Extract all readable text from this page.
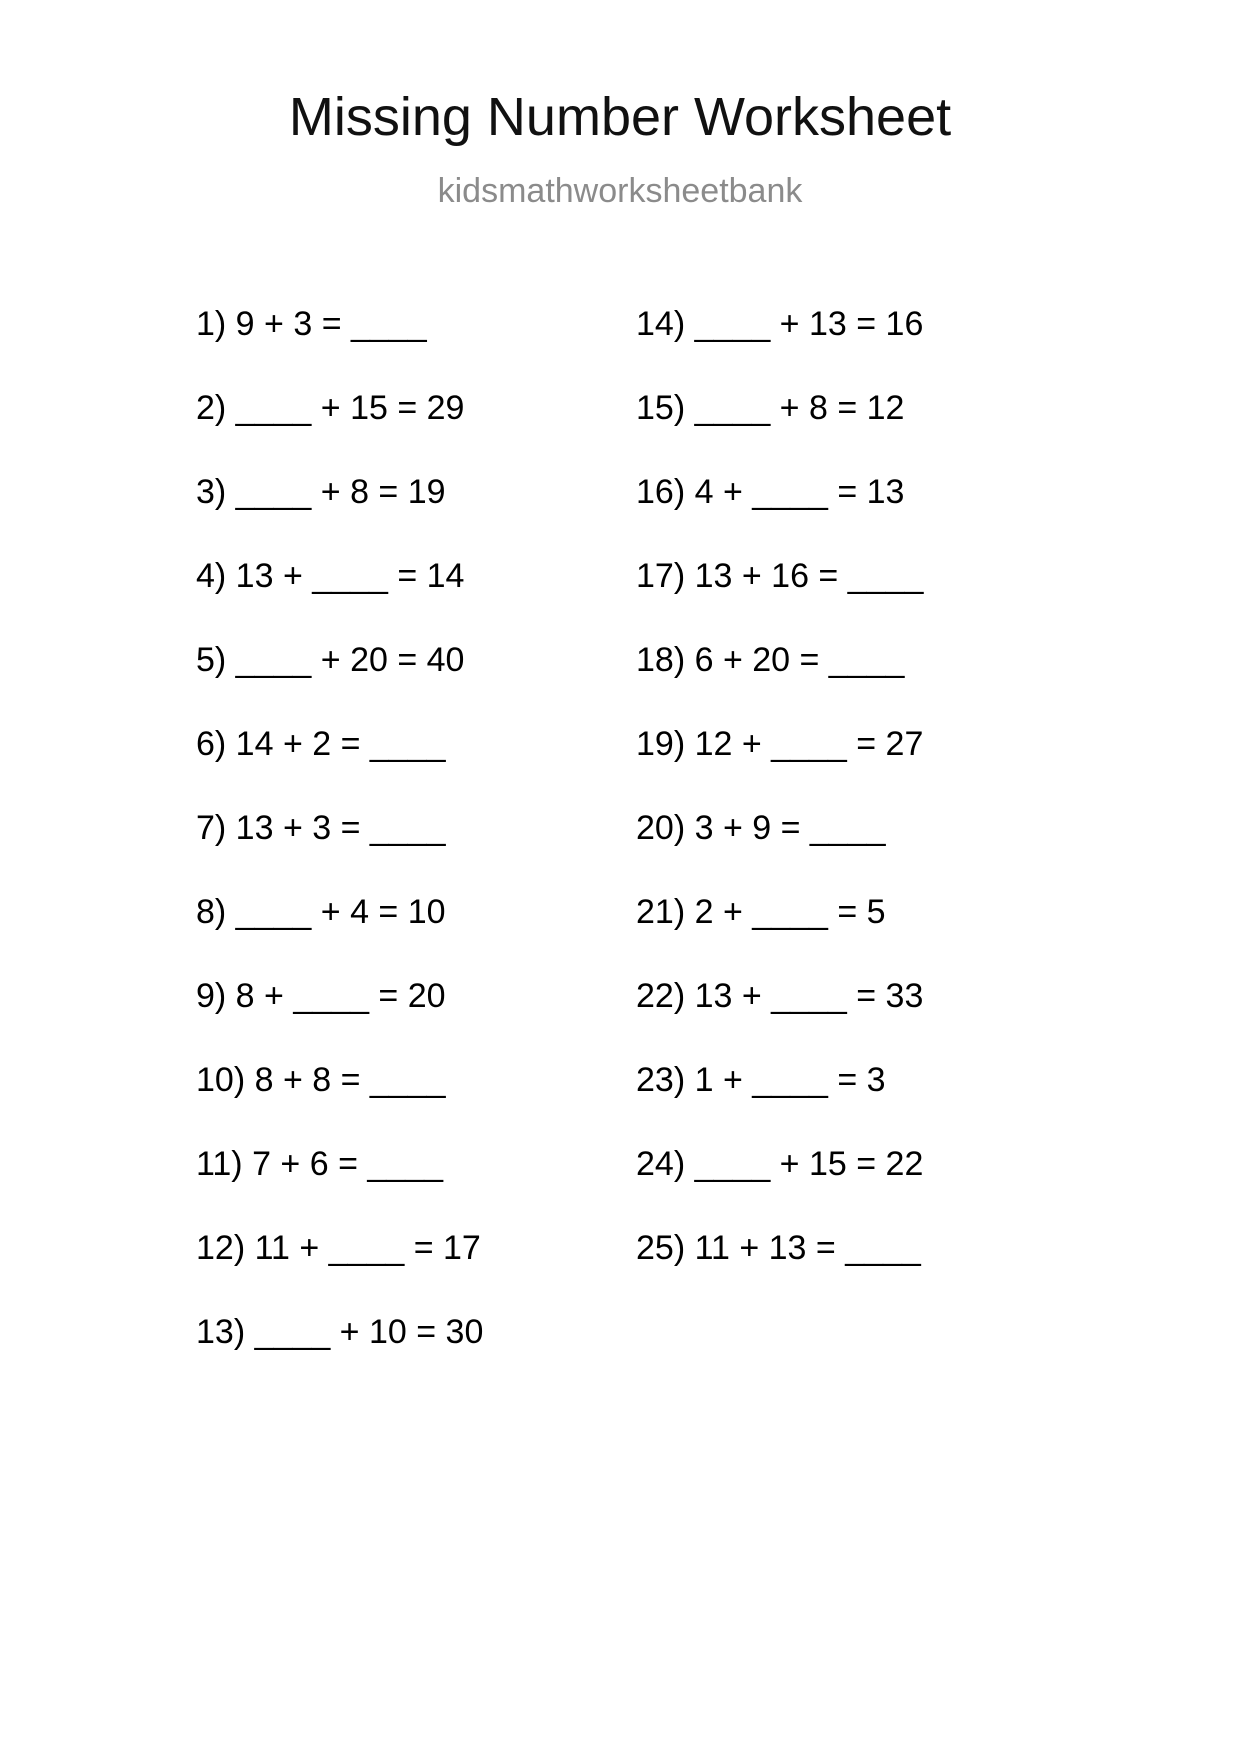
Missing Number Worksheet
kidsmathworksheetbank
1) 9 + 3 = ____
2) ____ + 15 = 29
3) ____ + 8 = 19
4) 13 + ____ = 14
5) ____ + 20 = 40
6) 14 + 2 = ____
7) 13 + 3 = ____
8) ____ + 4 = 10
9) 8 + ____ = 20
10) 8 + 8 = ____
11) 7 + 6 = ____
12) 11 + ____ = 17
13) ____ + 10 = 30
14) ____ + 13 = 16
15) ____ + 8 = 12
16) 4 + ____ = 13
17) 13 + 16 = ____
18) 6 + 20 = ____
19) 12 + ____ = 27
20) 3 + 9 = ____
21) 2 + ____ = 5
22) 13 + ____ = 33
23) 1 + ____ = 3
24) ____ + 15 = 22
25) 11 + 13 = ____
